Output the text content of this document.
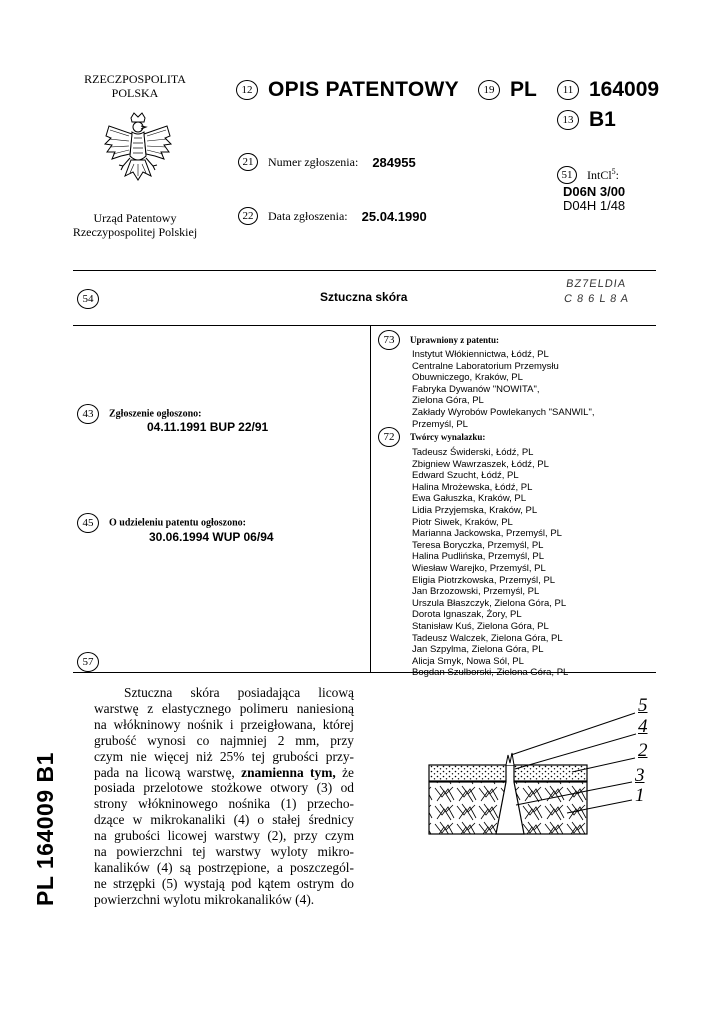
RZECZPOSPOLITA
POLSKA
Urząd Patentowy
Rzeczypospolitej Polskiej
12 OPIS PATENTOWY	19 PL
21 Numer zgłoszenia: 284955
22 Data zgłoszenia: 25.04.1990
11 164009
13 B1
51 IntCl$^5$:
D06N 3/00
D04H 1/48
54	Sztuczna skóra
BZ7ELDIA
C 8 6 L 8 A
43 Zgłoszenie ogłoszono:
04.11.1991 BUP 22/91
45 O udzieleniu patentu ogłoszono:
30.06.1994 WUP 06/94
57
73 Uprawniony z patentu:
Instytut Włókiennictwa, Łódź, PL
Centralne Laboratorium Przemysłu
Obuwniczego, Kraków, PL
Fabryka Dywanów "NOWITA",
Zielona Góra, PL
Zakłady Wyrobów Powlekanych "SANWIL",
Przemyśl, PL
72 Twórcy wynalazku:
Tadeusz Świderski, Łódź, PL
Zbigniew Wawrzaszek, Łódź, PL
Edward Szucht, Łódź, PL
Halina Mrożewska, Łódź, PL
Ewa Gałuszka, Kraków, PL
Lidia Przyjemska, Kraków, PL
Piotr Siwek, Kraków, PL
Marianna Jackowska, Przemyśl, PL
Teresa Boryczka, Przemyśl, PL
Halina Pudlińska, Przemyśl, PL
Wiesław Warejko, Przemyśl, PL
Eligia Piotrzkowska, Przemyśl, PL
Jan Brzozowski, Przemyśl, PL
Urszula Błaszczyk, Zielona Góra, PL
Dorota Ignaszak, Żory, PL
Stanisław Kuś, Zielona Góra, PL
Tadeusz Walczek, Zielona Góra, PL
Jan Szpylma, Zielona Góra, PL
Alicja Smyk, Nowa Sól, PL
Bogdan Szulborski, Zielona Góra, PL
Sztuczna skóra posiadająca licową
warstwę z elastycznego polimeru naniesioną
na włókninowy nośnik i przeigłowana, której
grubość wynosi co najmniej 2 mm, przy
czym nie więcej niż 25% tej grubości przy-
pada na licową warstwę, znamienna tym, że
posiada przelotowe stożkowe otwory (3) od
strony włókninowego nośnika (1) przecho-
dzące w mikrokanaliki (4) o stałej średnicy
na grubości licowej warstwy (2), przy czym
na powierzchni tej warstwy wyloty mikro-
kanalików (4) są postrzępione, a poszczegól-
ne strzępki (5) wystają pod kątem ostrym do
powierzchni wylotu mikrokanalików (4).
5
4
2
3
1
PL 164009 B1
